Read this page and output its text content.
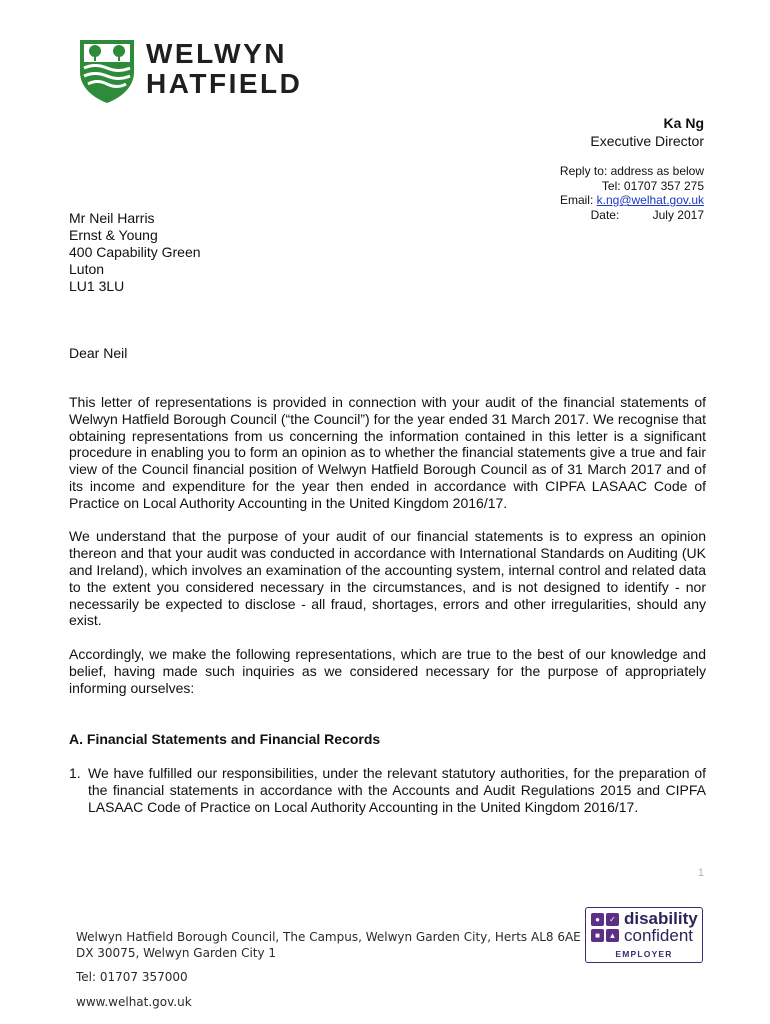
WELWYN
HATFIELD
Ka Ng
Executive Director
Reply to: address as below
Tel: 01707 357 275
Email: k.ng@welhat.gov.uk
Date:	July 2017
Mr Neil Harris
Ernst & Young
400 Capability Green
Luton
LU1 3LU
Dear Neil

This letter of representations is provided in connection with your audit of the financial statements of Welwyn Hatfield Borough Council (“the Council”) for the year ended 31 March 2017. We recognise that obtaining representations from us concerning the information contained in this letter is a significant procedure in enabling you to form an opinion as to whether the financial statements give a true and fair view of the Council financial position of Welwyn Hatfield Borough Council as of 31 March 2017 and of its income and expenditure for the year then ended in accordance with CIPFA LASAAC Code of Practice on Local Authority Accounting in the United Kingdom 2016/17.

We understand that the purpose of your audit of our financial statements is to express an opinion thereon and that your audit was conducted in accordance with International Standards on Auditing (UK and Ireland), which involves an examination of the accounting system, internal control and related data to the extent you considered necessary in the circumstances, and is not designed to identify - nor necessarily be expected to disclose - all fraud, shortages, errors and other irregularities, should any exist.

Accordingly, we make the following representations, which are true to the best of our knowledge and belief, having made such inquiries as we considered necessary for the purpose of appropriately informing ourselves:

A. Financial Statements and Financial Records
1. We have fulfilled our responsibilities, under the relevant statutory authorities, for the preparation of the financial statements in accordance with the Accounts and Audit Regulations 2015 and CIPFA LASAAC Code of Practice on Local Authority Accounting in the United Kingdom 2016/17.
1
Welwyn Hatfield Borough Council, The Campus, Welwyn Garden City, Herts AL8 6AE
DX 30075, Welwyn Garden City 1
Tel: 01707 357000
www.welhat.gov.uk
●	✓
■	▲
disability
confident
EMPLOYER
